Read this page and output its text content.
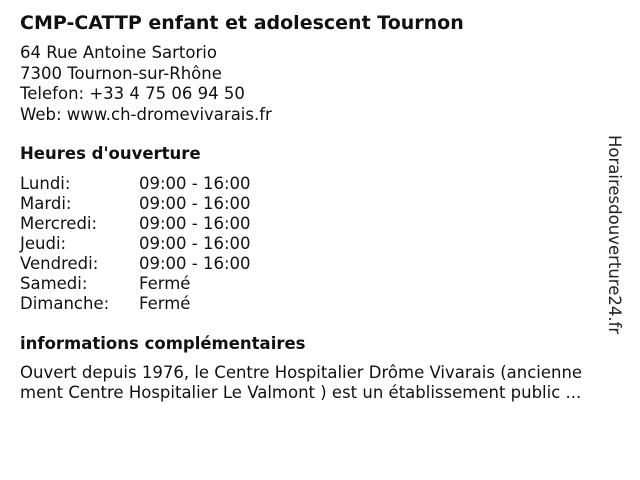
CMP-CATTP enfant et adolescent Tournon
64 Rue Antoine Sartorio
7300 Tournon-sur-Rhône
Telefon: +33 4 75 06 94 50
Web: www.ch-dromevivarais.fr
Heures d'ouverture
Lundi:	09:00 - 16:00
Mardi:	09:00 - 16:00
Mercredi:	09:00 - 16:00
Jeudi:	09:00 - 16:00
Vendredi: 09:00 - 16:00
Samedi:	Fermé
Dimanche: Fermé
informations complémentaires
Ouvert depuis 1976, le Centre Hospitalier Drôme Vivarais (ancienne
ment Centre Hospitalier Le Valmont ) est un établissement public ...
Horairesdouverture24.fr
